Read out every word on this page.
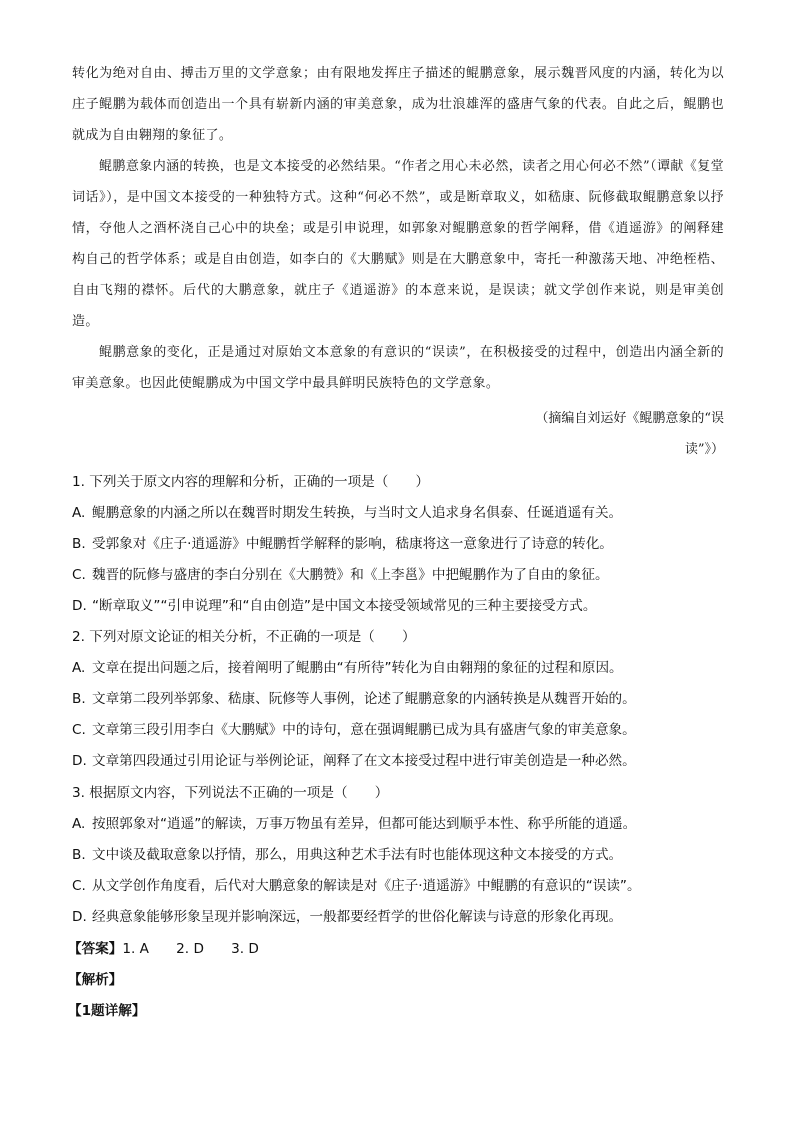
转化为绝对自由、搏击万里的文学意象；由有限地发挥庄子描述的鲲鹏意象，展示魏晋风度的内涵，转化为以庄子鲲鹏为载体而创造出一个具有崭新内涵的审美意象，成为壮浪雄浑的盛唐气象的代表。自此之后，鲲鹏也就成为自由翱翔的象征了。
鲲鹏意象内涵的转换，也是文本接受的必然结果。“作者之用心未必然，读者之用心何必不然”（谭献《复堂词话》），是中国文本接受的一种独特方式。这种“何必不然”，或是断章取义，如嵇康、阮修截取鲲鹏意象以抒情，夺他人之酒杯浇自己心中的块垒；或是引申说理，如郭象对鲲鹏意象的哲学阐释，借《逍遥游》的阐释建构自己的哲学体系；或是自由创造，如李白的《大鹏赋》则是在大鹏意象中，寄托一种激荡天地、冲绝桎梏、自由飞翔的襟怀。后代的大鹏意象，就庄子《逍遥游》的本意来说，是误读；就文学创作来说，则是审美创造。
鲲鹏意象的变化，正是通过对原始文本意象的有意识的“误读”，在积极接受的过程中，创造出内涵全新的审美意象。也因此使鲲鹏成为中国文学中最具鲜明民族特色的文学意象。
（摘编自刘运好《鲲鹏意象的“误
读”》）
1. 下列关于原文内容的理解和分析，正确的一项是（　　）
A. 鲲鹏意象的内涵之所以在魏晋时期发生转换，与当时文人追求身名俱泰、任诞逍遥有关。
B. 受郭象对《庄子·逍遥游》中鲲鹏哲学解释的影响，嵇康将这一意象进行了诗意的转化。
C. 魏晋的阮修与盛唐的李白分别在《大鹏赞》和《上李邕》中把鲲鹏作为了自由的象征。
D. “断章取义”“引申说理”和“自由创造”是中国文本接受领域常见的三种主要接受方式。
2. 下列对原文论证的相关分析，不正确的一项是（　　）
A. 文章在提出问题之后，接着阐明了鲲鹏由“有所待”转化为自由翱翔的象征的过程和原因。
B. 文章第二段列举郭象、嵇康、阮修等人事例，论述了鲲鹏意象的内涵转换是从魏晋开始的。
C. 文章第三段引用李白《大鹏赋》中的诗句，意在强调鲲鹏已成为具有盛唐气象的审美意象。
D. 文章第四段通过引用论证与举例论证，阐释了在文本接受过程中进行审美创造是一种必然。
3. 根据原文内容，下列说法不正确的一项是（　　）
A. 按照郭象对“逍遥”的解读，万事万物虽有差异，但都可能达到顺乎本性、称乎所能的逍遥。
B. 文中谈及截取意象以抒情，那么，用典这种艺术手法有时也能体现这种文本接受的方式。
C. 从文学创作角度看，后代对大鹏意象的解读是对《庄子·逍遥游》中鲲鹏的有意识的“误读”。
D. 经典意象能够形象呈现并影响深远，一般都要经哲学的世俗化解读与诗意的形象化再现。
【答案】1. A　　2. D　　3. D
【解析】
【1题详解】
